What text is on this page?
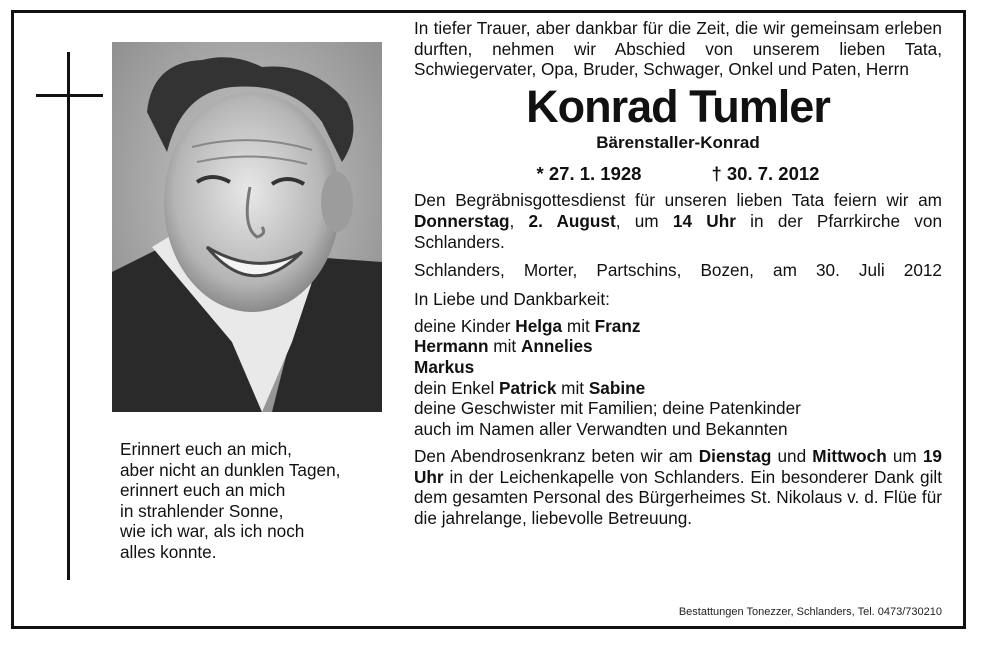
Erinnert euch an mich,
aber nicht an dunklen Tagen,
erinnert euch an mich
in strahlender Sonne,
wie ich war, als ich noch
alles konnte.
In tiefer Trauer, aber dankbar für die Zeit, die wir gemeinsam erleben durften, nehmen wir Abschied von unserem lieben Tata, Schwiegervater, Opa, Bruder, Schwager, Onkel und Paten, Herrn
Konrad Tumler
Bärenstaller-Konrad
* 27. 1. 1928	† 30. 7. 2012
Den Begräbnisgottesdienst für unseren lieben Tata feiern wir am Donnerstag, 2. August, um 14 Uhr in der Pfarrkirche von Schlanders.
Schlanders, Morter, Partschins, Bozen, am 30. Juli 2012
In Liebe und Dankbarkeit:
deine Kinder Helga mit Franz
Hermann mit Annelies
Markus
dein Enkel Patrick mit Sabine
deine Geschwister mit Familien; deine Patenkinder
auch im Namen aller Verwandten und Bekannten
Den Abendrosenkranz beten wir am Dienstag und Mittwoch um 19 Uhr in der Leichenkapelle von Schlanders. Ein besonderer Dank gilt dem gesamten Personal des Bürgerheimes St. Nikolaus v. d. Flüe für die jahrelange, liebevolle Betreuung.
Bestattungen Tonezzer, Schlanders, Tel. 0473/730210
